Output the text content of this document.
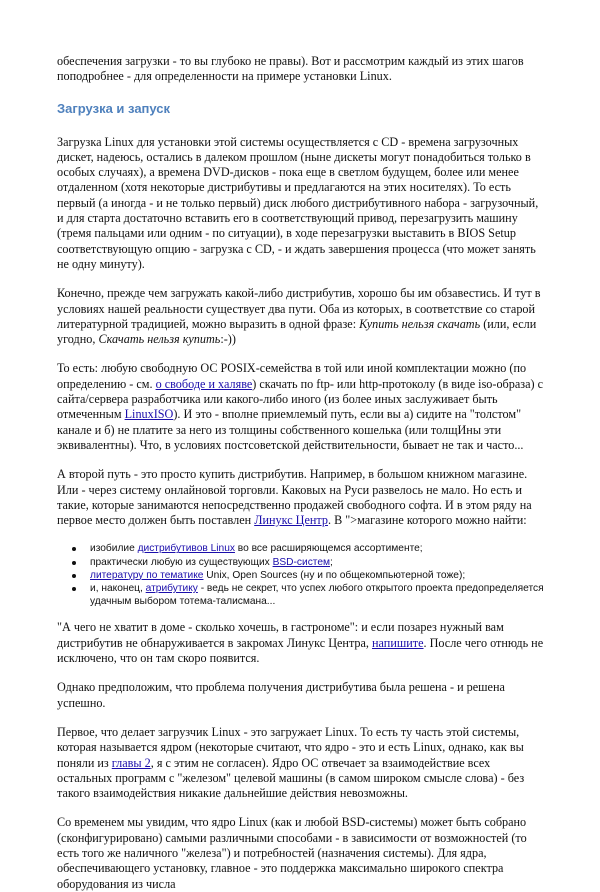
обеспечения загрузки - то вы глубоко не правы). Вот и рассмотрим каждый из этих шагов поподробнее - для определенности на примере установки Linux.

Загрузка и запуск

Загрузка Linux для установки этой системы осуществляется с CD - времена загрузочных дискет, надеюсь, остались в далеком прошлом (ныне дискеты могут понадобиться только в особых случаях), а времена DVD-дисков - пока еще в светлом будущем, более или менее отдаленном (хотя некоторые дистрибутивы и предлагаются на этих носителях). То есть первый (а иногда - и не только первый) диск любого дистрибутивного набора - загрузочный, и для старта достаточно вставить его в соответствующий привод, перезагрузить машину (тремя пальцами или одним - по ситуации), в ходе перезагрузки выставить в BIOS Setup соответствующую опцию - загрузка с CD, - и ждать завершения процесса (что может занять не одну минуту).

Конечно, прежде чем загружать какой-либо дистрибутив, хорошо бы им обзавестись. И тут в условиях нашей реальности существует два пути. Оба из которых, в соответствие со старой литературной традицией, можно выразить в одной фразе: Купить нельзя скачать (или, если угодно, Скачать нельзя купить:-))

То есть: любую свободную ОС POSIX-семейства в той или иной комплектации можно (по определению - см. о свободе и халяве) скачать по ftp- или http-протоколу (в виде iso-образа) с сайта/сервера разработчика или какого-либо иного (из более иных заслуживает быть отмеченным LinuxISO). И это - вполне приемлемый путь, если вы а) сидите на "толстом" канале и б) не платите за него из толщины собственного кошелька (или толщИны эти эквивалентны). Что, в условиях постсоветской действительности, бывает не так и часто...

А второй путь - это просто купить дистрибутив. Например, в большом книжном магазине. Или - через систему онлайновой торговли. Каковых на Руси развелось не мало. Но есть и такие, которые занимаются непосредственно продажей свободного софта. И в этом ряду на первое место должен быть поставлен Линукс Центр. В ">магазине которого можно найти:

изобилие дистрибутивов Linux во все расширяющемся ассортименте;
практически любую из существующих BSD-систем;
литературу по тематике Unix, Open Sources (ну и по общекомпьютерной тоже);
и, наконец, атрибутику - ведь не секрет, что успех любого открытого проекта предопределяется удачным выбором тотема-талисмана...

"А чего не хватит в доме - сколько хочешь, в гастрономе": и если позарез нужный вам дистрибутив не обнаруживается в закромах Линукс Центра, напишите. После чего отнюдь не исключено, что он там скоро появится.

Однако предположим, что проблема получения дистрибутива была решена - и решена успешно.

Первое, что делает загрузчик Linux - это загружает Linux. То есть ту часть этой системы, которая называется ядром (некоторые считают, что ядро - это и есть Linux, однако, как вы поняли из главы 2, я с этим не согласен). Ядро ОС отвечает за взаимодействие всех остальных программ с "железом" целевой машины (в самом широком смысле слова) - без такого взаимодействия никакие дальнейшие действия невозможны.

Со временем мы увидим, что ядро Linux (как и любой BSD-системы) может быть собрано (сконфигурировано) самыми различными способами - в зависимости от возможностей (то есть того же наличного "железа") и потребностей (назначения системы). Для ядра, обеспечивающего установку, главное - это поддержка максимально широкого спектра оборудования из числа
